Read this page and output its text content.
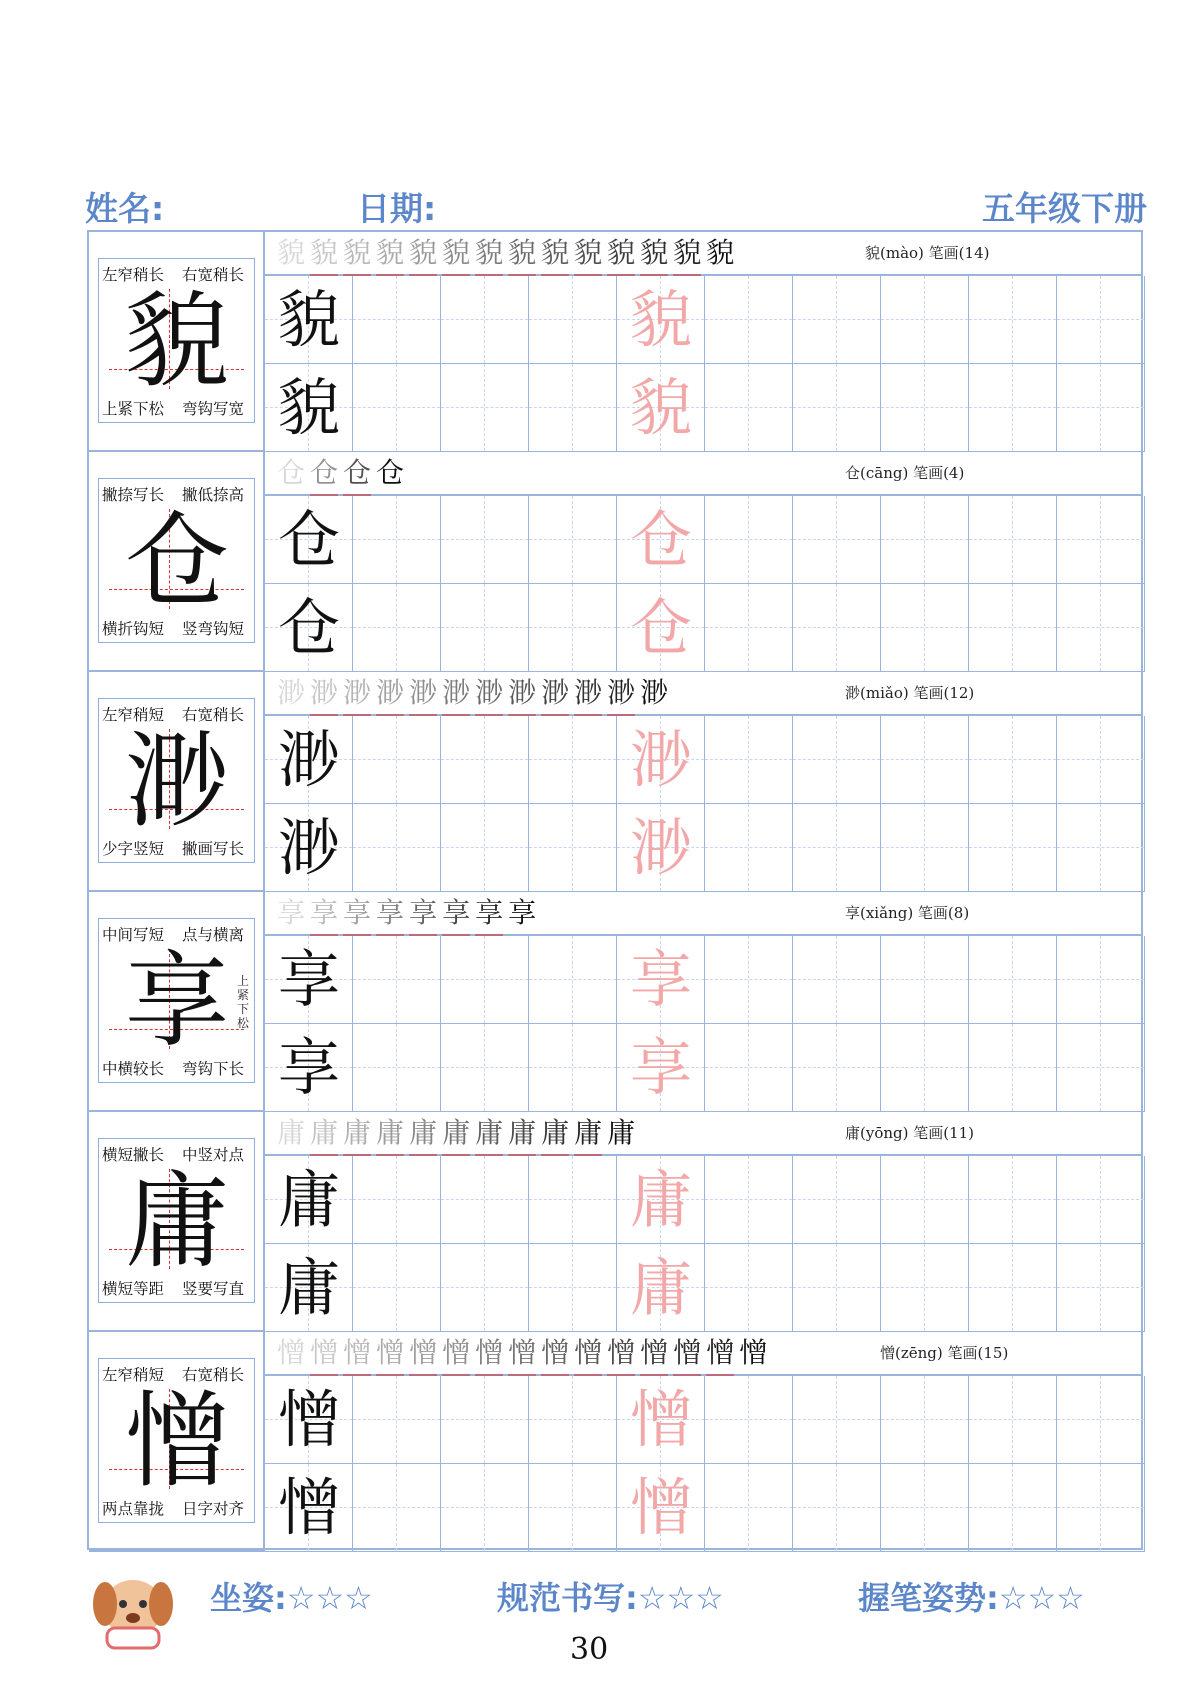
姓名:	日期:	五年级下册
左窄稍长 右宽稍长
上紧下松 弯钩写宽
貌
貌 貌 貌 貌 貌 貌 貌 貌 貌 貌 貌 貌 貌 貌	貌(mào) 笔画(14)
貌	貌
貌	貌
撇捺写长 撇低捺高
横折钩短 竖弯钩短
仓
仓 仓 仓 仓	仓(cāng) 笔画(4)
仓	仓
仓	仓
左窄稍短 右宽稍长
少字竖短 撇画写长
渺
渺 渺 渺 渺 渺 渺 渺 渺 渺 渺 渺 渺	渺(miǎo) 笔画(12)
渺	渺
渺	渺
中间写短 点与横离
中横较长 弯钩下长
享 上紧下松
享 享 享 享 享 享 享 享	享(xiǎng) 笔画(8)
享	享
享	享
横短撇长 中竖对点
横短等距 竖要写直
庸
庸 庸 庸 庸 庸 庸 庸 庸 庸 庸 庸	庸(yōng) 笔画(11)
庸	庸
庸	庸
左窄稍短 右宽稍长
两点靠拢 日字对齐
憎
憎 憎 憎 憎 憎 憎 憎 憎 憎 憎 憎 憎 憎 憎 憎	憎(zēng) 笔画(15)
憎	憎
憎	憎
坐姿:☆☆☆	规范书写:☆☆☆	握笔姿势:☆☆☆
30
